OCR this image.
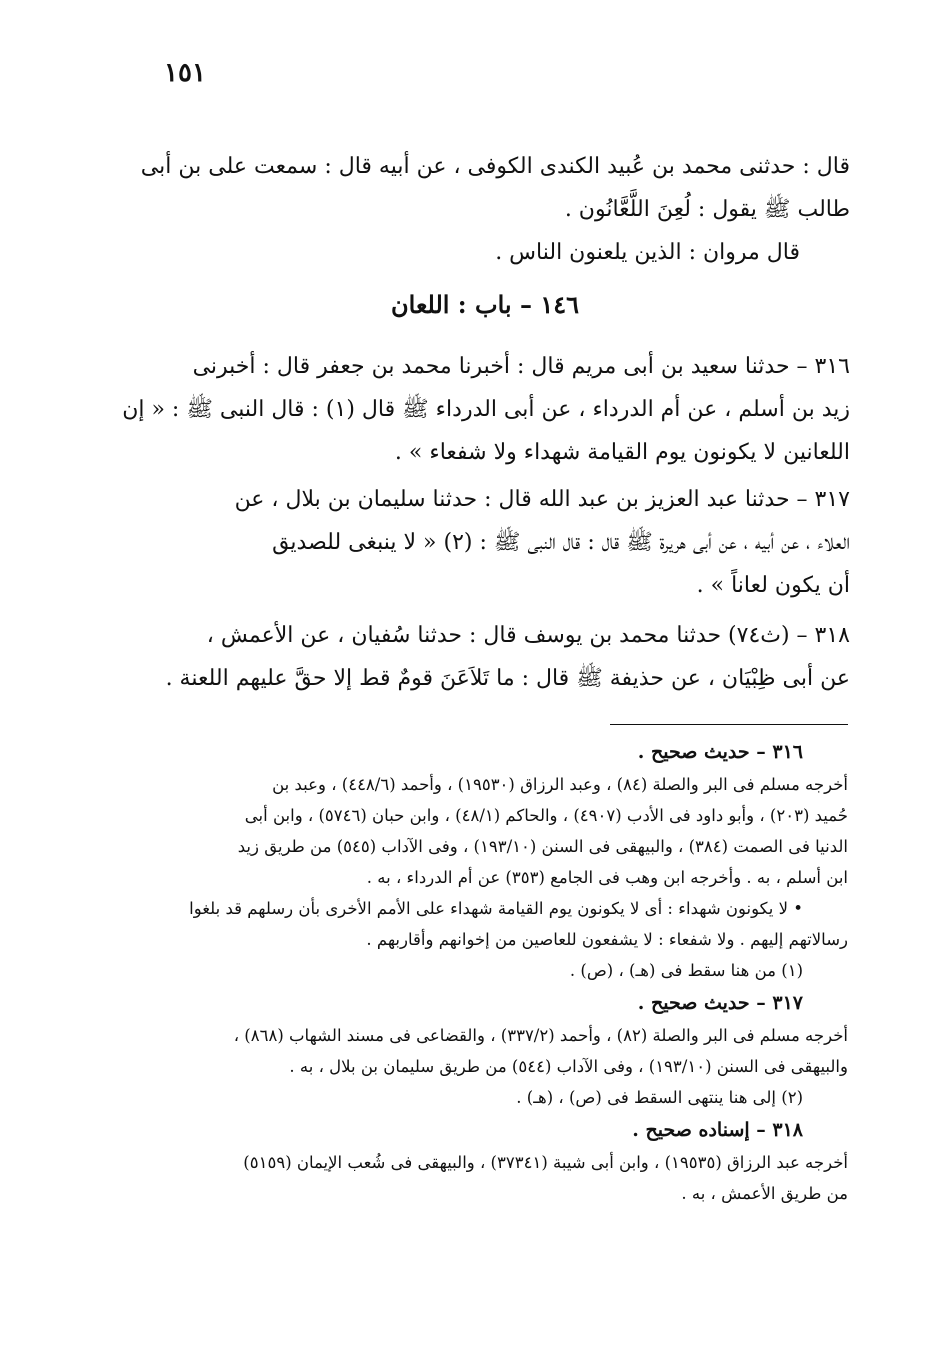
١٥١
قال : حدثنى محمد بن عُبيد الكندى الكوفى ، عن أبيه قال : سمعت على بن أبى
طالب ﷺ يقول : لُعِنَ اللَّعَّانُون .
قال مروان : الذين يلعنون الناس .
١٤٦ – باب : اللعان
٣١٦ – حدثنا سعيد بن أبى مريم قال : أخبرنا محمد بن جعفر قال : أخبرنى
زيد بن أسلم ، عن أم الدرداء ، عن أبى الدرداء ﷺ قال (١) : قال النبى ﷺ : « إن
اللعانين لا يكونون يوم القيامة شهداء ولا شفعاء » .
٣١٧ – حدثنا عبد العزيز بن عبد الله قال : حدثنا سليمان بن بلال ، عن
العلاء ، عن أبيه ، عن أبى هريرة ﷺ قال : قال النبى ﷺ : (٢) « لا ينبغى للصديق
أن يكون لعاناً » .
٣١٨ – (ث٧٤) حدثنا محمد بن يوسف قال : حدثنا سُفيان ، عن الأعمش ،
عن أبى ظِبْيَان ، عن حذيفة ﷺ قال : ما تَلاَعَنَ قومٌ قط إلا حقَّ عليهم اللعنة .
٣١٦ – حديث صحيح .
أخرجه مسلم فى البر والصلة (٨٤) ، وعبد الرزاق (١٩٥٣٠) ، وأحمد (٤٤٨/٦) ، وعبد بن
حُميد (٢٠٣) ، وأبو داود فى الأدب (٤٩٠٧) ، والحاكم (٤٨/١) ، وابن حبان (٥٧٤٦) ، وابن أبى
الدنيا فى الصمت (٣٨٤) ، والبيهقى فى السنن (١٩٣/١٠) ، وفى الآداب (٥٤٥) من طريق زيد
ابن أسلم ، به . وأخرجه ابن وهب فى الجامع (٣٥٣) عن أم الدرداء ، به .
• لا يكونون شهداء : أى لا يكونون يوم القيامة شهداء على الأمم الأخرى بأن رسلهم قد بلغوا
رسالاتهم إليهم . ولا شفعاء : لا يشفعون للعاصين من إخوانهم وأقاربهم .
(١) من هنا سقط فى (هـ) ، (ص) .
٣١٧ – حديث صحيح .
أخرجه مسلم فى البر والصلة (٨٢) ، وأحمد (٣٣٧/٢) ، والقضاعى فى مسند الشهاب (٨٦٨) ،
والبيهقى فى السنن (١٩٣/١٠) ، وفى الآداب (٥٤٤) من طريق سليمان بن بلال ، به .
(٢) إلى هنا ينتهى السقط فى (ص) ، (هـ) .
٣١٨ – إسناده صحيح .
أخرجه عبد الرزاق (١٩٥٣٥) ، وابن أبى شيبة (٣٧٣٤١) ، والبيهقى فى شُعب الإيمان (٥١٥٩)
من طريق الأعمش ، به .
